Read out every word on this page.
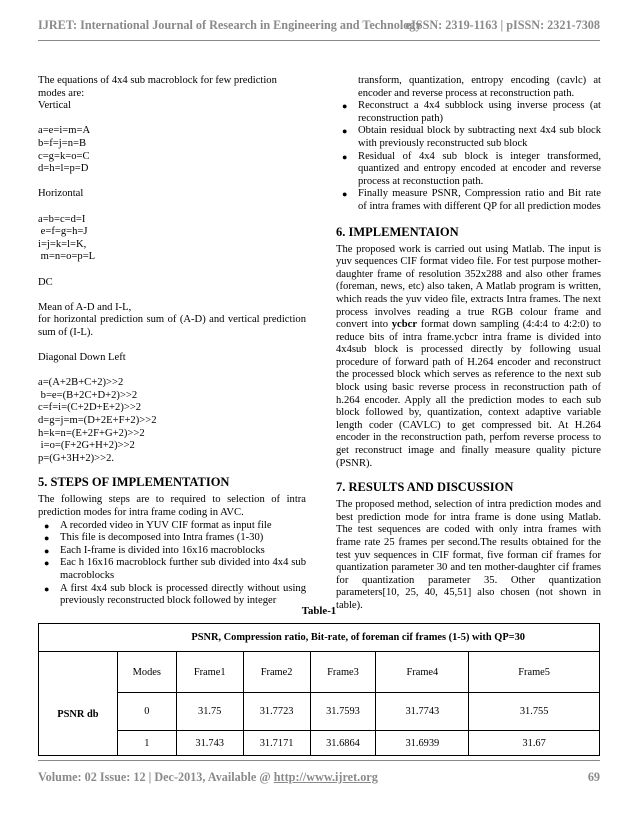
IJRET: International Journal of Research in Engineering and Technology
eISSN: 2319-1163 | pISSN: 2321-7308

The equations of 4x4 sub macroblock for few prediction modes are:

Vertical

a=e=i=m=A

b=f=j=n=B

c=g=k=o=C

d=h=l=p=D

Horizontal

a=b=c=d=I

e=f=g=h=J

i=j=k=l=K,

m=n=o=p=L

DC

Mean of A-D and I-L,

for horizontal prediction sum of (A-D) and vertical prediction sum of (I-L).

Diagonal Down Left

a=(A+2B+C+2)>>2

b=e=(B+2C+D+2)>>2

c=f=i=(C+2D+E+2)>>2

d=g=j=m=(D+2E+F+2)>>2

h=k=n=(E+2F+G+2)>>2

i=o=(F+2G+H+2)>>2

p=(G+3H+2)>>2.

5. STEPS OF IMPLEMENTATION

The following steps are to required to selection of intra prediction modes for intra frame coding in AVC.

● A recorded video in YUV CIF format as input file
● This file is decomposed into Intra frames (1-30)
● Each I-frame is divided into 16x16 macroblocks
● Eac h 16x16 macroblock further sub divided into 4x4 sub macroblocks
● A first 4x4 sub block is processed directly without using previously reconstructed block followed by integer
transform, quantization, entropy encoding (cavlc) at encoder and reverse process at reconstruction path.
● Reconstruct a 4x4 subblock using inverse process (at reconstruction path)
● Obtain residual block by subtracting next 4x4 sub block with previously reconstructed sub block
● Residual of 4x4 sub block is integer transformed, quantized and entropy encoded at encoder and reverse process at reconstuction path.
● Finally measure PSNR, Compression ratio and Bit rate of intra frames with different QP for all prediction modes
6. IMPLEMENTAION

The proposed work is carried out using Matlab. The input is yuv sequences CIF format video file. For test purpose mother-daughter frame of resolution 352x288 and also other frames (foreman, news, etc) also taken, A Matlab program is written, which reads the yuv video file, extracts Intra frames. The next process involves reading a true RGB colour frame and convert into ycbcr format down sampling (4:4:4 to 4:2:0) to reduce bits of intra frame.ycbcr intra frame is divided into 4x4sub block is processed directly by following usual procedure of forward path of H.264 encoder and reconstruct the processed block which serves as reference to the next sub block using basic reverse process in reconstruction path of h.264 encoder. Apply all the prediction modes to each sub block followed by, quantization, context adaptive variable length coder (CAVLC) to get compressed bit. At H.264 encoder in the reconstruction path, perfom reverse process to get reconstruct image and finally measure quality picture (PSNR).

7. RESULTS AND DISCUSSION

The proposed method, selection of intra prediction modes and best prediction mode for intra frame is done using Matlab. The test sequences are coded with only intra frames with frame rate 25 frames per second.The results obtained for the test yuv sequences in CIF format, five forman cif frames for quantization parameter 30 and ten mother-daughter cif frames for quantization parameter 35. Other quantization parameters[10, 25, 40, 45,51] also chosen (not shown in table).

Table-1
	PSNR, Compression ratio, Bit-rate, of foreman cif frames (1-5) with QP=30					
PSNR db	Modes	Frame1	Frame2	Frame3	Frame4	Frame5
	0	31.75	31.7723	31.7593	31.7743	31.755
	1	31.743	31.7171	31.6864	31.6939	31.67
Volume: 02 Issue: 12 | Dec-2013, Available @ http://www.ijret.org	69
